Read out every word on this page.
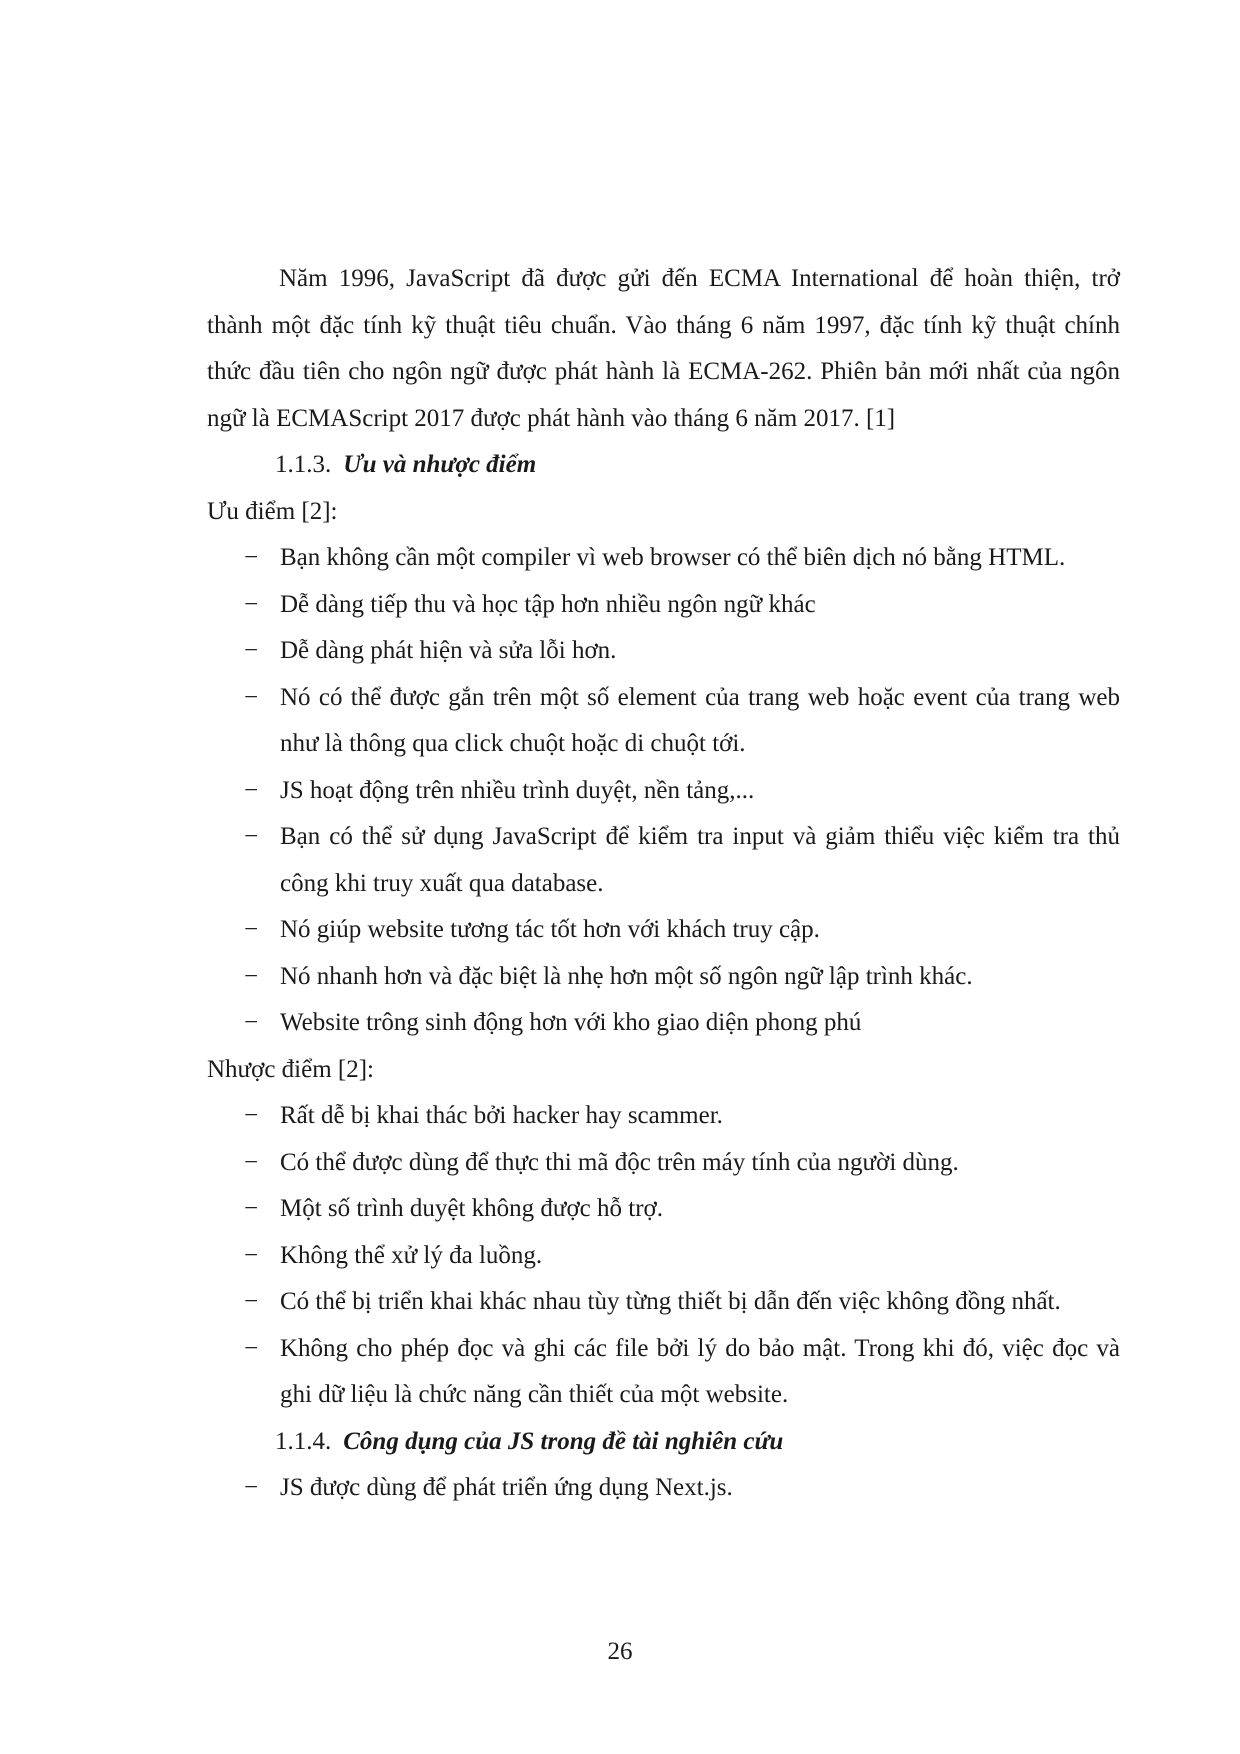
Năm 1996, JavaScript đã được gửi đến ECMA International để hoàn thiện, trở thành một đặc tính kỹ thuật tiêu chuẩn. Vào tháng 6 năm 1997, đặc tính kỹ thuật chính thức đầu tiên cho ngôn ngữ được phát hành là ECMA-262. Phiên bản mới nhất của ngôn ngữ là ECMAScript 2017 được phát hành vào tháng 6 năm 2017. [1]

1.1.3. Ưu và nhược điểm

Ưu điểm [2]:

− Bạn không cần một compiler vì web browser có thể biên dịch nó bằng HTML.
− Dễ dàng tiếp thu và học tập hơn nhiều ngôn ngữ khác
− Dễ dàng phát hiện và sửa lỗi hơn.
− Nó có thể được gắn trên một số element của trang web hoặc event của trang web như là thông qua click chuột hoặc di chuột tới.
− JS hoạt động trên nhiều trình duyệt, nền tảng,...
− Bạn có thể sử dụng JavaScript để kiểm tra input và giảm thiểu việc kiểm tra thủ công khi truy xuất qua database.
− Nó giúp website tương tác tốt hơn với khách truy cập.
− Nó nhanh hơn và đặc biệt là nhẹ hơn một số ngôn ngữ lập trình khác.
− Website trông sinh động hơn với kho giao diện phong phú

Nhược điểm [2]:

− Rất dễ bị khai thác bởi hacker hay scammer.
− Có thể được dùng để thực thi mã độc trên máy tính của người dùng.
− Một số trình duyệt không được hỗ trợ.
− Không thể xử lý đa luồng.
− Có thể bị triển khai khác nhau tùy từng thiết bị dẫn đến việc không đồng nhất.
− Không cho phép đọc và ghi các file bởi lý do bảo mật. Trong khi đó, việc đọc và ghi dữ liệu là chức năng cần thiết của một website.

1.1.4. Công dụng của JS trong đề tài nghiên cứu

− JS được dùng để phát triển ứng dụng Next.js.
26
